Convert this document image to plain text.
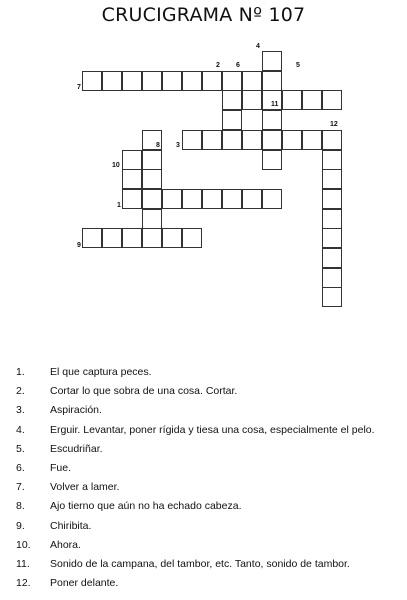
CRUCIGRAMA Nº 107
4
2 6	5
7
11
12
8 3
10
1
9
1. El que captura peces.
2. Cortar lo que sobra de una cosa. Cortar.
3. Aspiración.
4. Erguir. Levantar, poner rígida y tiesa una cosa, especialmente el pelo.
5. Escudriñar.
6. Fue.
7. Volver a lamer.
8. Ajo tierno que aún no ha echado cabeza.
9. Chiribita.
10. Ahora.
11. Sonido de la campana, del tambor, etc. Tanto, sonido de tambor.
12. Poner delante.
